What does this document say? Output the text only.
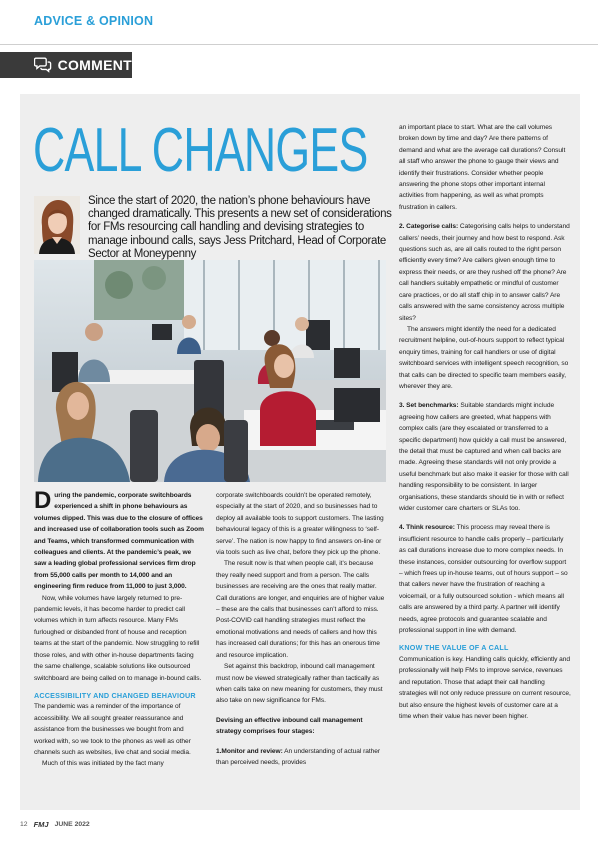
ADVICE & OPINION
COMMENT
CALL CHANGES
Since the start of 2020, the nation’s phone behaviours have changed dramatically. This presents a new set of considerations for FMs resourcing call handling and devising strategies to manage inbound calls, says Jess Pritchard, Head of Corporate Sector at Moneypenny

During the pandemic, corporate switchboards experienced a shift in phone behaviours as volumes dipped. This was due to the closure of offices and increased use of collaboration tools such as Zoom and Teams, which transformed communication with colleagues and clients. At the pandemic’s peak, we saw a leading global professional services firm drop from 55,000 calls per month to 14,000 and an engineering firm reduce from 11,000 to just 3,000.

Now, while volumes have largely returned to pre-pandemic levels, it has become harder to predict call volumes which in turn affects resource. Many FMs furloughed or disbanded front of house and reception teams at the start of the pandemic. Now struggling to refill those roles, and with other in-house departments facing the same challenge, scalable solutions like outsourced switchboard are being called on to manage in-bound calls.

ACCESSIBILITY AND CHANGED BEHAVIOUR

The pandemic was a reminder of the importance of accessibility. We all sought greater reassurance and assistance from the businesses we bought from and worked with, so we took to the phones as well as other channels such as websites, live chat and social media.

Much of this was initiated by the fact many

corporate switchboards couldn’t be operated remotely, especially at the start of 2020, and so businesses had to deploy all available tools to support customers. The lasting behavioural legacy of this is a greater willingness to ‘self-serve’. The nation is now happy to find answers on-line or via tools such as live chat, before they pick up the phone.

The result now is that when people call, it’s because they really need support and from a person. The calls businesses are receiving are the ones that really matter. Call durations are longer, and enquiries are of higher value – these are the calls that businesses can’t afford to miss. Post-COVID call handling strategies must reflect the emotional motivations and needs of callers and how this has increased call durations; for this has an onerous time and resource implication.

Set against this backdrop, inbound call management must now be viewed strategically rather than tactically as when calls take on new meaning for customers, they must also take on new significance for FMs.

Devising an effective inbound call management strategy comprises four stages:

1.Monitor and review: An understanding of actual rather than perceived needs, provides

an important place to start. What are the call volumes broken down by time and day? Are there patterns of demand and what are the average call durations? Consult all staff who answer the phone to gauge their views and identify their frustrations. Consider whether people answering the phone stops other important internal activities from happening, as well as what prompts frustration in callers.

2. Categorise calls: Categorising calls helps to understand callers’ needs, their journey and how best to respond. Ask questions such as, are all calls routed to the right person efficiently every time? Are callers given enough time to express their needs, or are they rushed off the phone? Are call handlers suitably empathetic or mindful of customer care practices, or do all staff chip in to answer calls? Are calls answered with the same consistency across multiple sites?

The answers might identify the need for a dedicated recruitment helpline, out-of-hours support to reflect typical enquiry times, training for call handlers or use of digital switchboard services with intelligent speech recognition, so that calls can be directed to specific team members easily, wherever they are.

3. Set benchmarks: Suitable standards might include agreeing how callers are greeted, what happens with complex calls (are they escalated or transferred to a specific department) how quickly a call must be answered, the detail that must be captured and when call backs are made. Agreeing these standards will not only provide a useful benchmark but also make it easier for those with call handling responsibility to be consistent. In larger organisations, these standards should tie in with or reflect wider customer care charters or SLAs too.

4. Think resource: This process may reveal there is insufficient resource to handle calls properly – particularly as call durations increase due to more complex needs. In these instances, consider outsourcing for overflow support – which frees up in-house teams, out of hours support – so that callers never have the frustration of reaching a voicemail, or a fully outsourced solution - which means all calls are answered by a third party. A partner will identify needs, agree protocols and guarantee scalable and professional support in line with demand.

KNOW THE VALUE OF A CALL

Communication is key. Handling calls quickly, efficiently and professionally will help FMs to improve service, revenues and reputation. Those that adapt their call handling strategies will not only reduce pressure on current resource, but also ensure the highest levels of customer care at a time when their value has never been higher.

12 FMJ JUNE 2022
